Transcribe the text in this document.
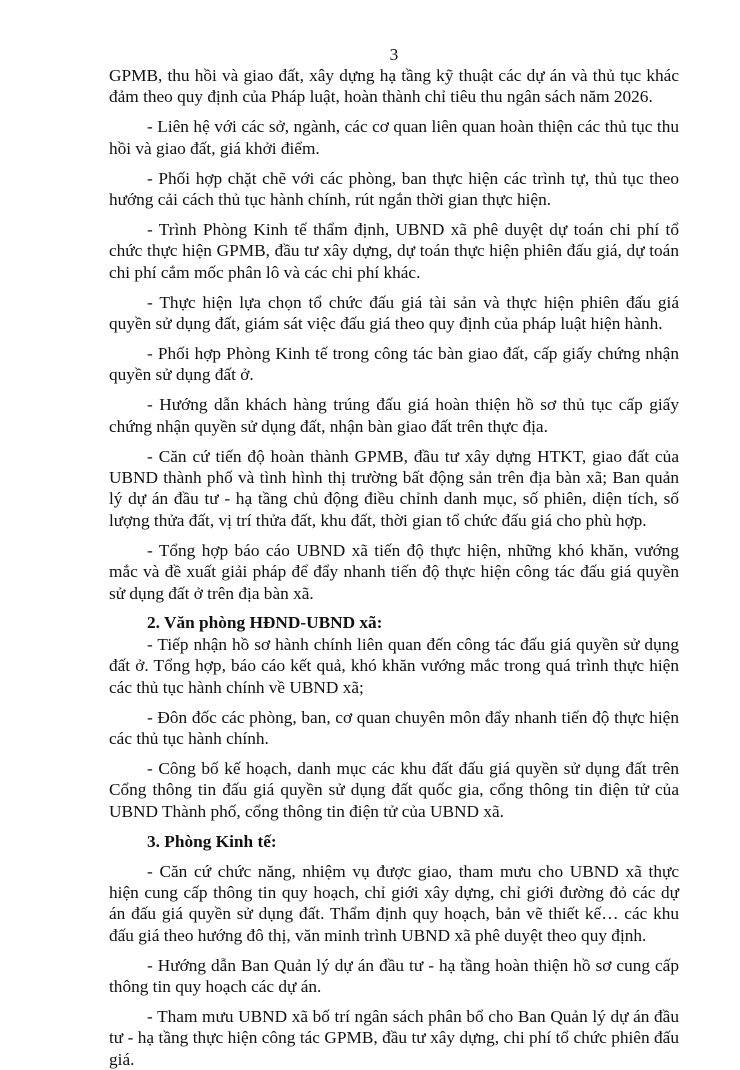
3

GPMB, thu hồi và giao đất, xây dựng hạ tầng kỹ thuật các dự án và thủ tục khác đảm theo quy định của Pháp luật, hoàn thành chỉ tiêu thu ngân sách năm 2026.

- Liên hệ với các sở, ngành, các cơ quan liên quan hoàn thiện các thủ tục thu hồi và giao đất, giá khởi điểm.

- Phối hợp chặt chẽ với các phòng, ban thực hiện các trình tự, thủ tục theo hướng cải cách thủ tục hành chính, rút ngắn thời gian thực hiện.

- Trình Phòng Kinh tế thẩm định, UBND xã phê duyệt dự toán chi phí tổ chức thực hiện GPMB, đầu tư xây dựng, dự toán thực hiện phiên đấu giá, dự toán chi phí cắm mốc phân lô và các chi phí khác.

- Thực hiện lựa chọn tổ chức đấu giá tài sản và thực hiện phiên đấu giá quyền sử dụng đất, giám sát việc đấu giá theo quy định của pháp luật hiện hành.

- Phối hợp Phòng Kinh tế trong công tác bàn giao đất, cấp giấy chứng nhận quyền sử dụng đất ở.

- Hướng dẫn khách hàng trúng đấu giá hoàn thiện hồ sơ thủ tục cấp giấy chứng nhận quyền sử dụng đất, nhận bàn giao đất trên thực địa.

- Căn cứ tiến độ hoàn thành GPMB, đầu tư xây dựng HTKT, giao đất của UBND thành phố và tình hình thị trường bất động sản trên địa bàn xã; Ban quản lý dự án đầu tư - hạ tầng chủ động điều chỉnh danh mục, số phiên, diện tích, số lượng thửa đất, vị trí thửa đất, khu đất, thời gian tổ chức đấu giá cho phù hợp.

- Tổng hợp báo cáo UBND xã tiến độ thực hiện, những khó khăn, vướng mắc và đề xuất giải pháp để đẩy nhanh tiến độ thực hiện công tác đấu giá quyền sử dụng đất ở trên địa bàn xã.

2. Văn phòng HĐND-UBND xã:

- Tiếp nhận hồ sơ hành chính liên quan đến công tác đấu giá quyền sử dụng đất ở. Tổng hợp, báo cáo kết quả, khó khăn vướng mắc trong quá trình thực hiện các thủ tục hành chính về UBND xã;

- Đôn đốc các phòng, ban, cơ quan chuyên môn đẩy nhanh tiến độ thực hiện các thủ tục hành chính.

- Công bố kế hoạch, danh mục các khu đất đấu giá quyền sử dụng đất trên Cổng thông tin đấu giá quyền sử dụng đất quốc gia, cổng thông tin điện tử của UBND Thành phố, cổng thông tin điện tử của UBND xã.

3. Phòng Kinh tế:

- Căn cứ chức năng, nhiệm vụ được giao, tham mưu cho UBND xã thực hiện cung cấp thông tin quy hoạch, chỉ giới xây dựng, chỉ giới đường đỏ các dự án đấu giá quyền sử dụng đất. Thẩm định quy hoạch, bản vẽ thiết kế… các khu đấu giá theo hướng đô thị, văn minh trình UBND xã phê duyệt theo quy định.

- Hướng dẫn Ban Quản lý dự án đầu tư - hạ tầng hoàn thiện hồ sơ cung cấp thông tin quy hoạch các dự án.

- Tham mưu UBND xã bố trí ngân sách phân bổ cho Ban Quản lý dự án đầu tư - hạ tầng thực hiện công tác GPMB, đầu tư xây dựng, chi phí tổ chức phiên đấu giá.
